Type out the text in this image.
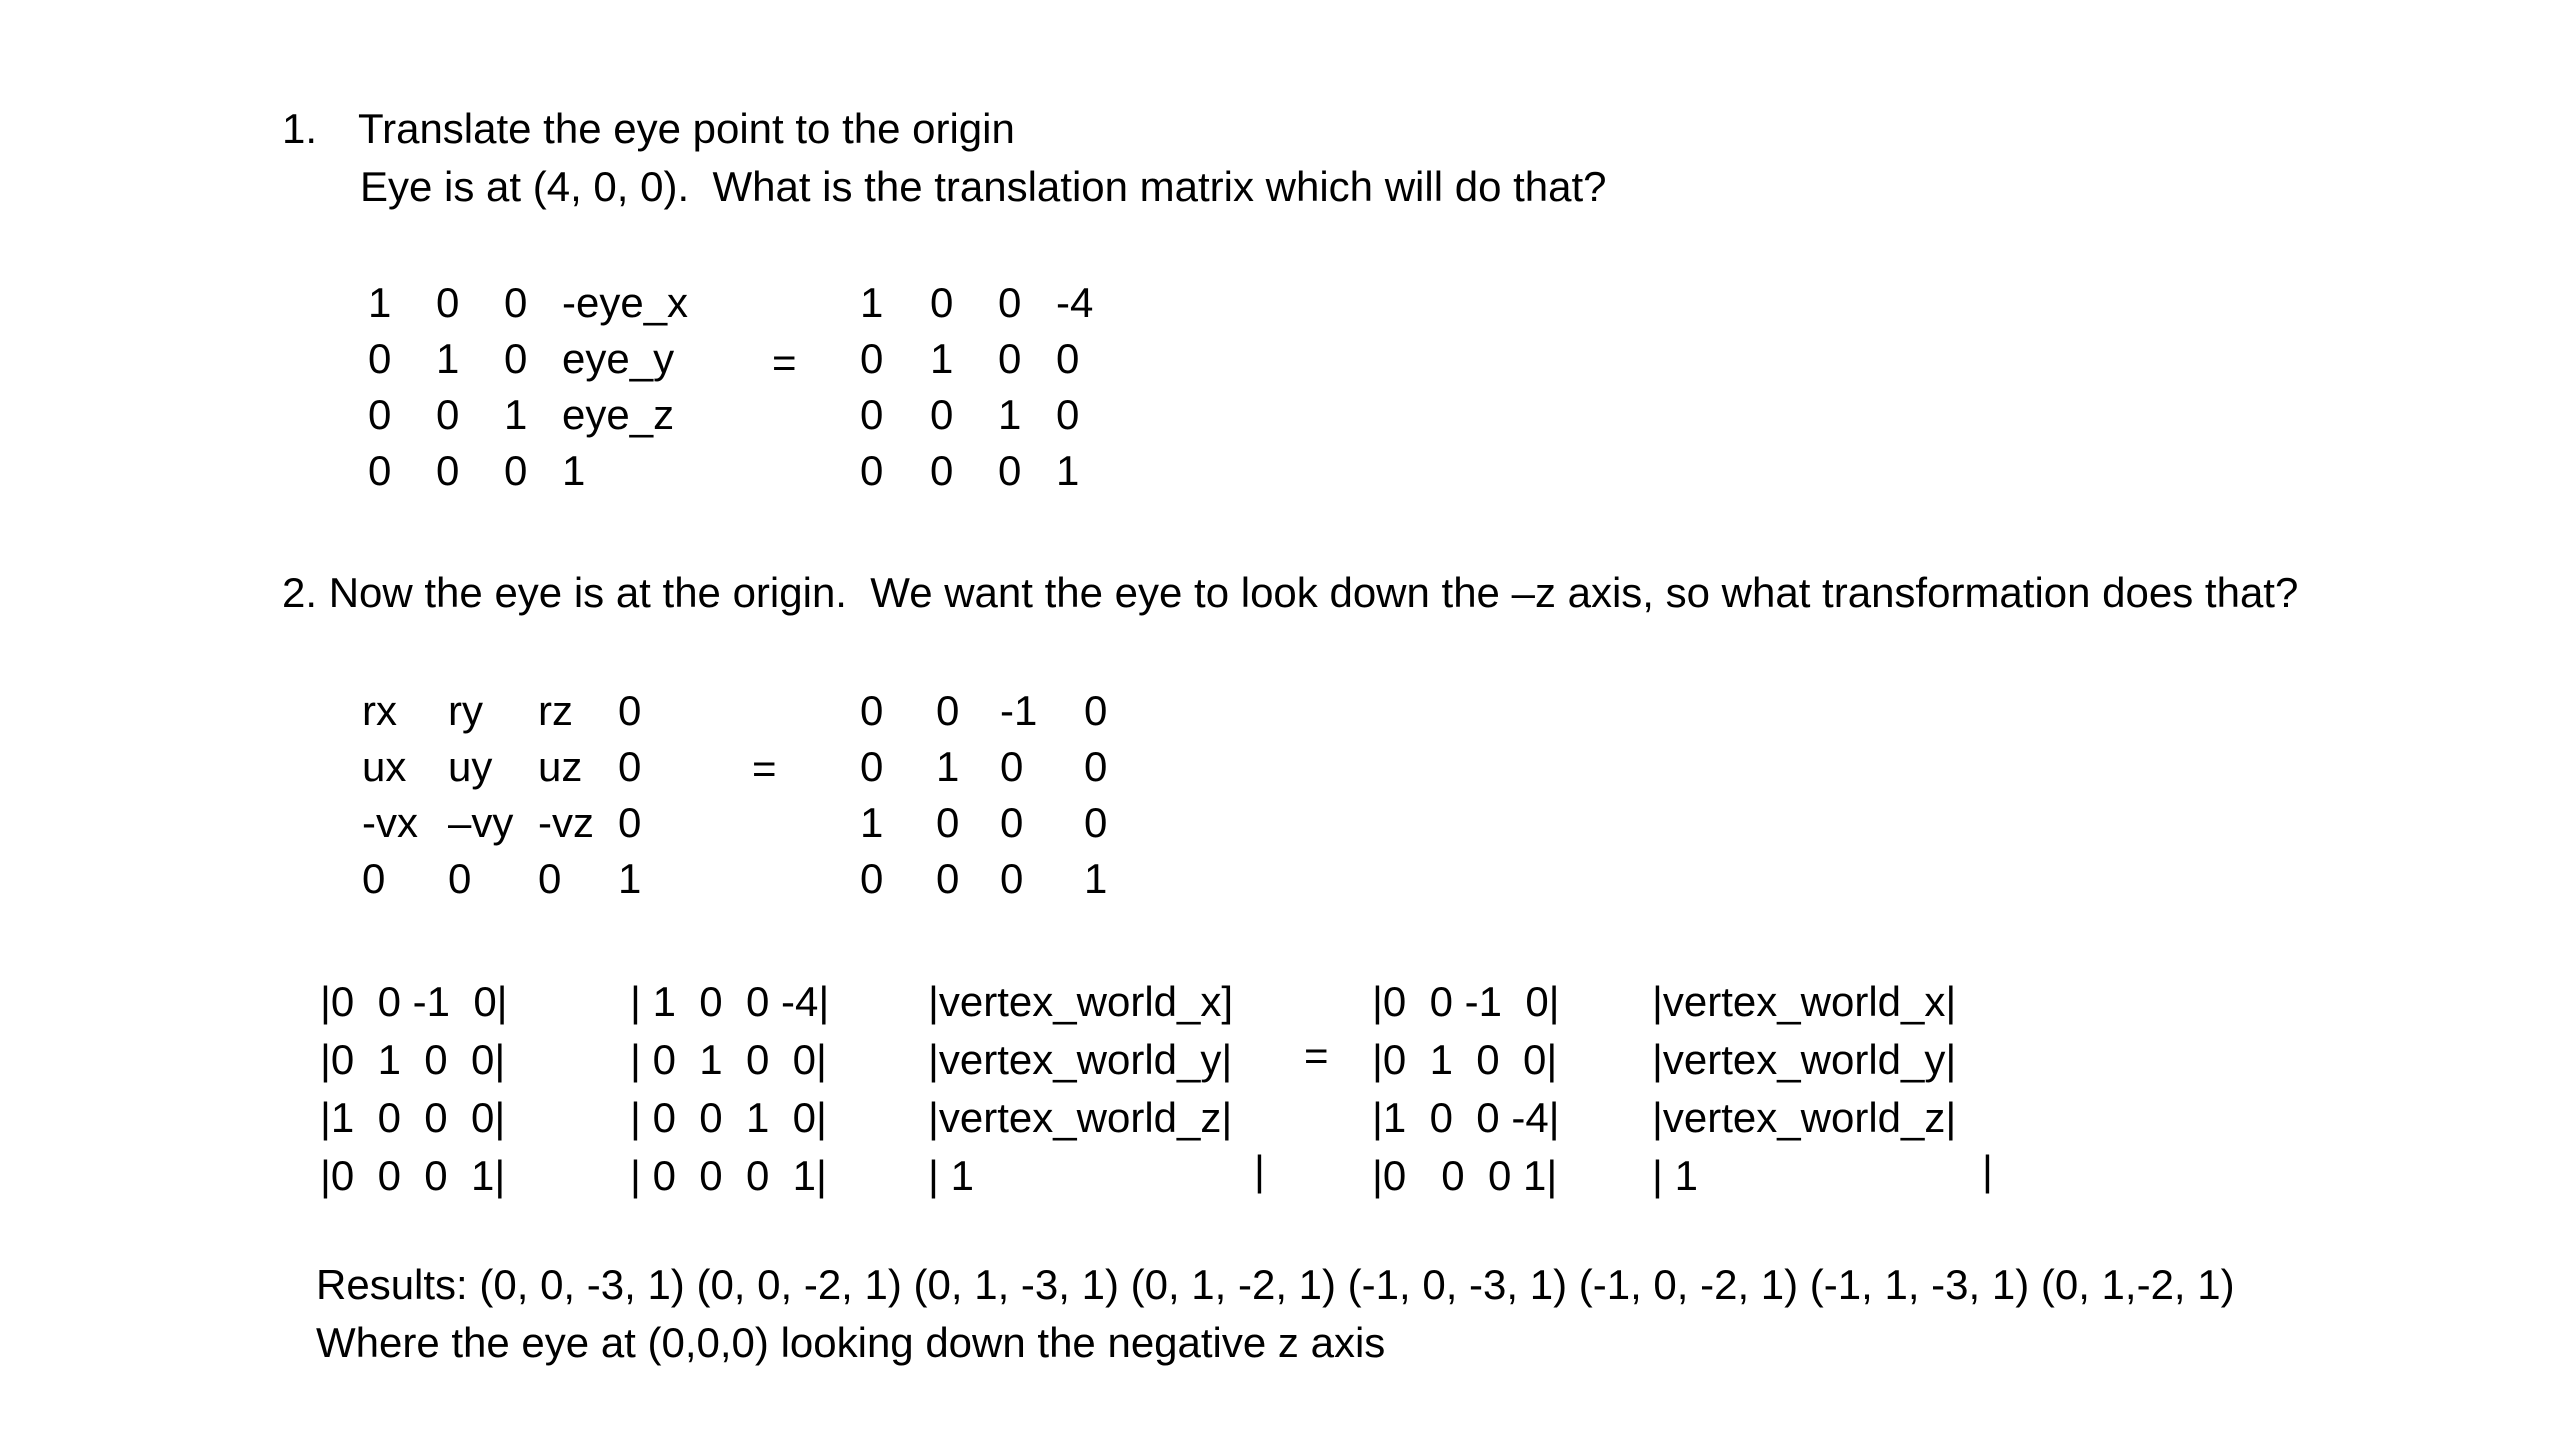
1. Translate the eye point to the origin
Eye is at (4, 0, 0).  What is the translation matrix which will do that?
1	0	0 -eye_x
0	1	0 eye_y
0	0	1 eye_z
0	0	0 1
=
1	0	0 -4
0	1	0 0
0	0	1 0
0	0	0 1
2. Now the eye is at the origin.  We want the eye to look down the –z axis, so what transformation does that?
rx	ry	rz	0
ux uy	uz 0
-vx –vy -vz 0
0	0	0	1
=
0	0 -1	0
0	1 0	0
1	0 0	0
0	0 0	1
|0  0 -1  0|
|0  1  0  0|
|1  0  0  0|
|0  0  0  1|
| 1  0  0 -4|
| 0  1  0  0|
| 0  0  1  0|
| 0  0  0  1|
|vertex_world_x]
|vertex_world_y|
|vertex_world_z|
| 1	|
=
|0  0 -1  0|
|0  1  0  0|
|1  0  0 -4|
|0   0  0 1|
|vertex_world_x|
|vertex_world_y|
|vertex_world_z|
| 1	|
Results: (0, 0, -3, 1) (0, 0, -2, 1) (0, 1, -3, 1) (0, 1, -2, 1) (-1, 0, -3, 1) (-1, 0, -2, 1) (-1, 1, -3, 1) (0, 1,-2, 1)
Where the eye at (0,0,0) looking down the negative z axis
